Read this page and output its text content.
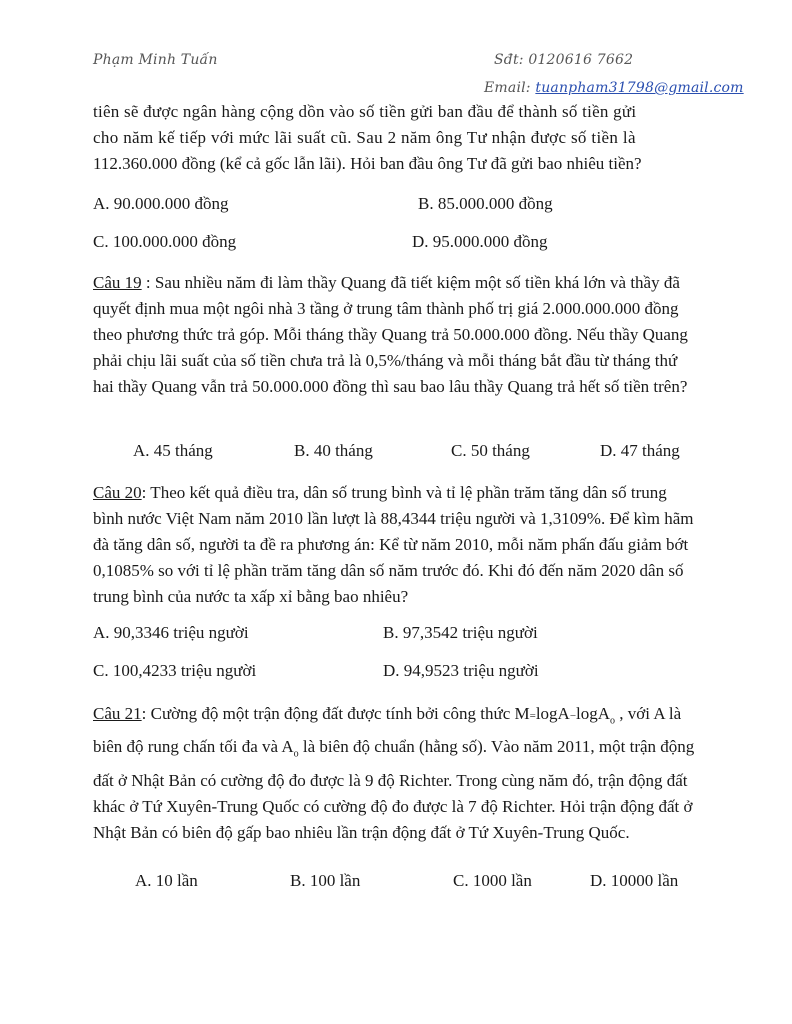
Phạm Minh Tuấn	Sđt: 0120616 7662
Email: tuanpham31798@gmail.com
tiên sẽ được ngân hàng cộng dồn vào số tiền gửi ban đầu để thành số tiền gửi
cho năm kế tiếp với mức lãi suất cũ. Sau 2 năm ông Tư nhận được số tiền là
112.360.000 đồng (kể cả gốc lẫn lãi). Hỏi ban đầu ông Tư đã gửi bao nhiêu tiền?
A. 90.000.000 đồng	B. 85.000.000 đồng
C. 100.000.000 đồng	D. 95.000.000 đồng
Câu 19 : Sau nhiều năm đi làm thầy Quang đã tiết kiệm một số tiền khá lớn và thầy đã quyết định mua một ngôi nhà 3 tầng ở trung tâm thành phố trị giá 2.000.000.000 đồng theo phương thức trả góp. Mỗi tháng thầy Quang trả 50.000.000 đồng. Nếu thầy Quang phải chịu lãi suất của số tiền chưa trả là 0,5%/tháng và mỗi tháng bắt đầu từ tháng thứ hai thầy Quang vẫn trả 50.000.000 đồng thì sau bao lâu thầy Quang trả hết số tiền trên?
A. 45 tháng	B. 40 tháng	C. 50 tháng	D. 47 tháng
Câu 20: Theo kết quả điều tra, dân số trung bình và tỉ lệ phần trăm tăng dân số trung bình nước Việt Nam năm 2010 lần lượt là 88,4344 triệu người và 1,3109%. Để kìm hãm đà tăng dân số, người ta đề ra phương án: Kể từ năm 2010, mỗi năm phấn đấu giảm bớt 0,1085% so với tỉ lệ phần trăm tăng dân số năm trước đó. Khi đó đến năm 2020 dân số trung bình của nước ta xấp xỉ bằng bao nhiêu?
A. 90,3346 triệu người	B. 97,3542 triệu người
C. 100,4233 triệu người	D. 94,9523 triệu người
Câu 21: Cường độ một trận động đất được tính bởi công thức M=logA−logA$_o$ , với A là biên độ rung chấn tối đa và $A_o$ là biên độ chuẩn (hằng số). Vào năm 2011, một trận động đất ở Nhật Bản có cường độ đo được là 9 độ Richter. Trong cùng năm đó, trận động đất khác ở Tứ Xuyên-Trung Quốc có cường độ đo được là 7 độ Richter. Hỏi trận động đất ở Nhật Bản có biên độ gấp bao nhiêu lần trận động đất ở Tứ Xuyên-Trung Quốc.
A. 10 lần	B. 100 lần	C. 1000 lần	D. 10000 lần
